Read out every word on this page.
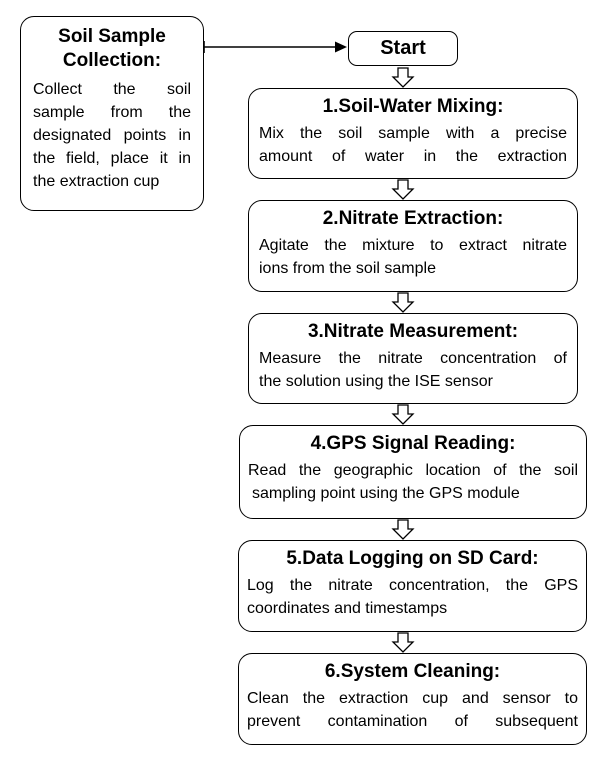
Soil Sample Collection:
Collect the soil
sample from the
designated points in
the field, place it in
the extraction cup
Start
1.Soil-Water Mixing:
Mix the soil sample with a precise
amount of water in the extraction
2.Nitrate Extraction:
Agitate the mixture to extract nitrate
ions from the soil sample
3.Nitrate Measurement:
Measure the nitrate concentration of
the solution using the ISE sensor
4.GPS Signal Reading:
Read the geographic location of the soil
sampling point using the GPS module
5.Data Logging on SD Card:
Log the nitrate concentration, the GPS
coordinates and timestamps
6.System Cleaning:
Clean the extraction cup and sensor to
prevent contamination of subsequent
